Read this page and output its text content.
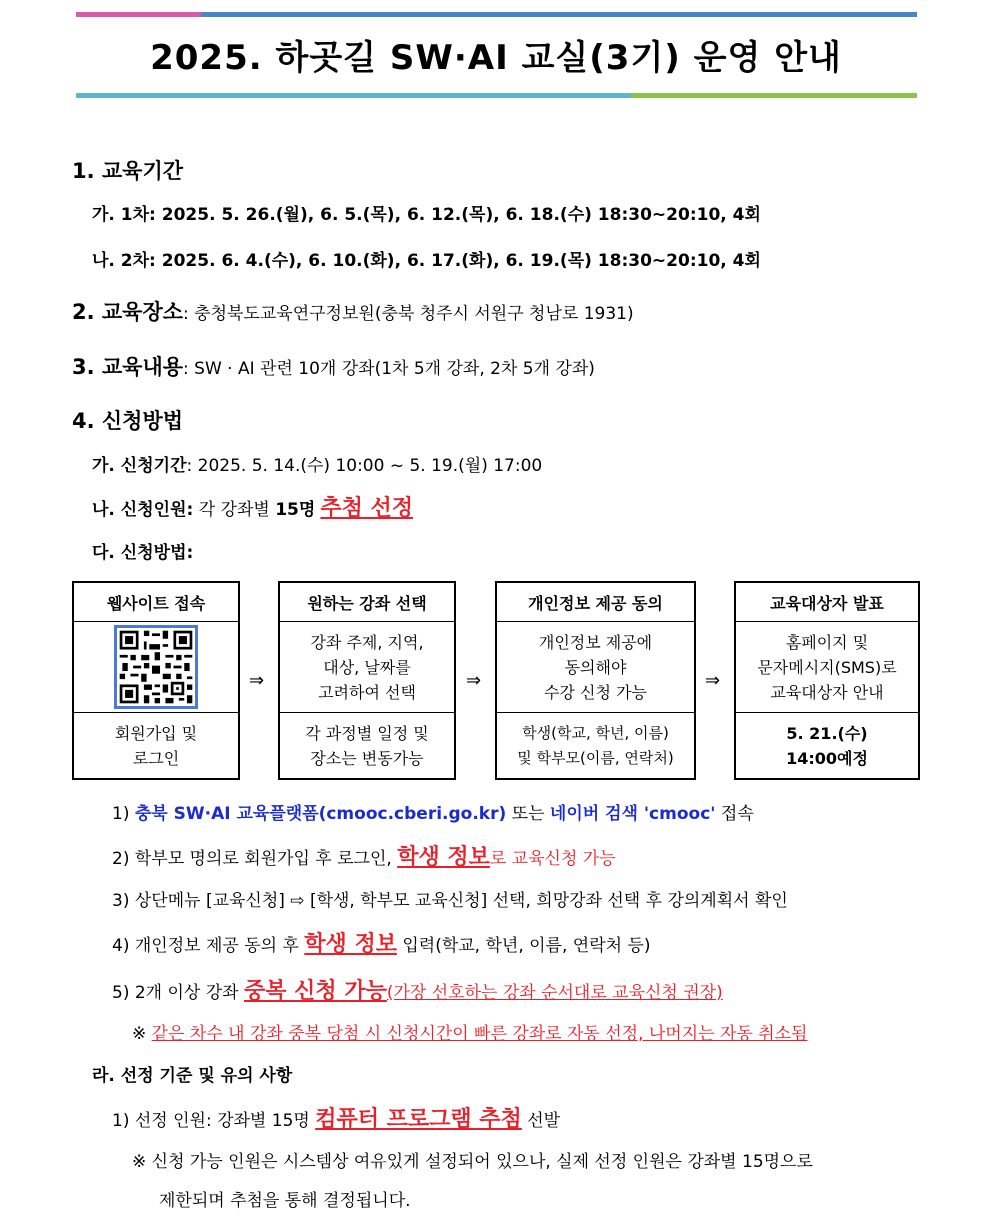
2025. 하곳길 SW·AI 교실(3기) 운영 안내
1. 교육기간
가. 1차: 2025. 5. 26.(월), 6. 5.(목), 6. 12.(목), 6. 18.(수) 18:30~20:10, 4회
나. 2차: 2025. 6. 4.(수), 6. 10.(화), 6. 17.(화), 6. 19.(목) 18:30~20:10, 4회
2. 교육장소: 충청북도교육연구정보원(충북 청주시 서원구 청남로 1931)
3. 교육내용: SW · AI 관련 10개 강좌(1차 5개 강좌, 2차 5개 강좌)
4. 신청방법
가. 신청기간: 2025. 5. 14.(수) 10:00 ~ 5. 19.(월) 17:00
나. 신청인원: 각 강좌별 15명 추첨 선정
다. 신청방법:
웹사이트 접속
회원가입 및
로그인
⇒
원하는 강좌 선택
강좌 주제, 지역,
대상, 날짜를
고려하여 선택
각 과정별 일정 및
장소는 변동가능
⇒
개인정보 제공 동의
개인정보 제공에
동의해야
수강 신청 가능
학생(학교, 학년, 이름)
및 학부모(이름, 연락처)
⇒
교육대상자 발표
홈페이지 및
문자메시지(SMS)로
교육대상자 안내
5. 21.(수)
14:00예정
1) 충북 SW·AI 교육플랫폼(cmooc.cberi.go.kr) 또는 네이버 검색 'cmooc' 접속
2) 학부모 명의로 회원가입 후 로그인, 학생 정보로 교육신청 가능
3) 상단메뉴 [교육신청] ⇨ [학생, 학부모 교육신청] 선택, 희망강좌 선택 후 강의계획서 확인
4) 개인정보 제공 동의 후 학생 정보 입력(학교, 학년, 이름, 연락처 등)
5) 2개 이상 강좌 중복 신청 가능(가장 선호하는 강좌 순서대로 교육신청 권장)
※ 같은 차수 내 강좌 중복 당첨 시 신청시간이 빠른 강좌로 자동 선정, 나머지는 자동 취소됨
라. 선정 기준 및 유의 사항
1) 선정 인원: 강좌별 15명 컴퓨터 프로그램 추첨 선발
※ 신청 가능 인원은 시스템상 여유있게 설정되어 있으나, 실제 선정 인원은 강좌별 15명으로
제한되며 추첨을 통해 결정됩니다.
